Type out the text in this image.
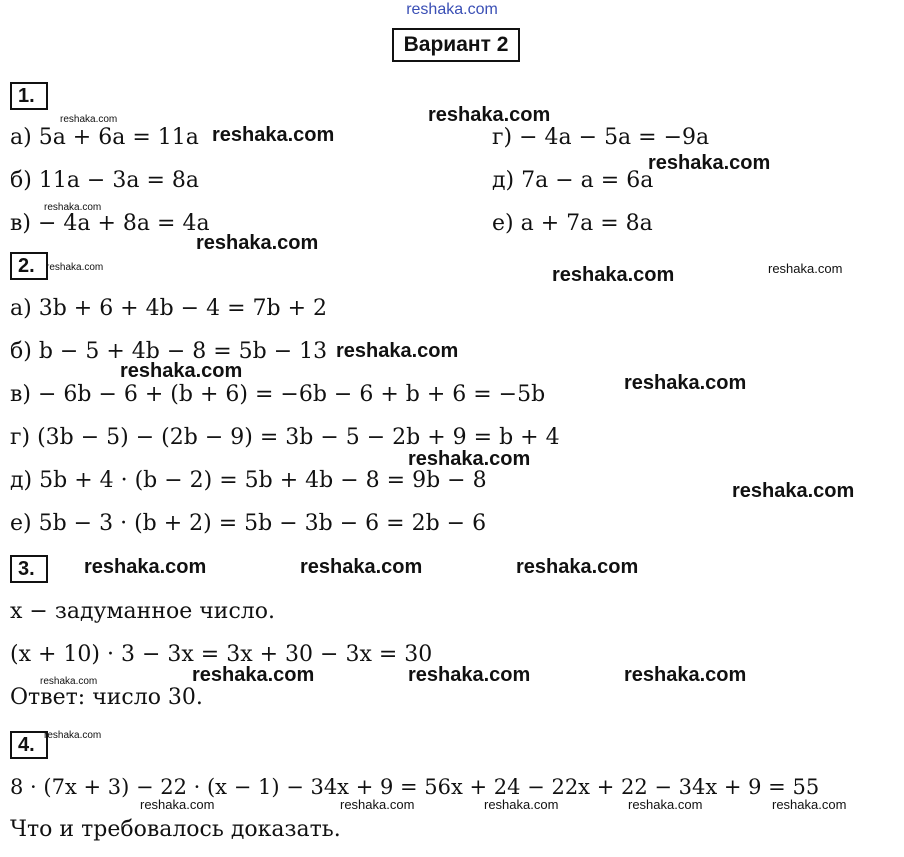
reshaka.com
Вариант 2
1.
а) 5a + 6a = 11a
б) 11a − 3a = 8a
в) − 4a + 8a = 4a
г) − 4a − 5a = −9a
д) 7a − a = 6a
е) a + 7a = 8a
2.
а) 3b + 6 + 4b − 4 = 7b + 2
б) b − 5 + 4b − 8 = 5b − 13
в) − 6b − 6 + (b + 6) = −6b − 6 + b + 6 = −5b
г) (3b − 5) − (2b − 9) = 3b − 5 − 2b + 9 = b + 4
д) 5b + 4 · (b − 2) = 5b + 4b − 8 = 9b − 8
е) 5b − 3 · (b + 2) = 5b − 3b − 6 = 2b − 6
3.
x − задуманное число.
(x + 10) · 3 − 3x = 3x + 30 − 3x = 30
Ответ: число 30.
4.
8 · (7x + 3) − 22 · (x − 1) − 34x + 9 = 56x + 24 − 22x + 22 − 34x + 9 = 55
Что и требовалось доказать.
reshaka.com
reshaka.com
reshaka.com
reshaka.com
reshaka.com
reshaka.com
reshaka.com
reshaka.com
reshaka.com
reshaka.com
reshaka.com	reshaka.com	reshaka.com
reshaka.com	reshaka.com	reshaka.com
reshaka.com
reshaka.com
reshaka.com	reshaka.com
reshaka.com
reshaka.com
reshaka.com	reshaka.com	reshaka.com	reshaka.com	reshaka.com
